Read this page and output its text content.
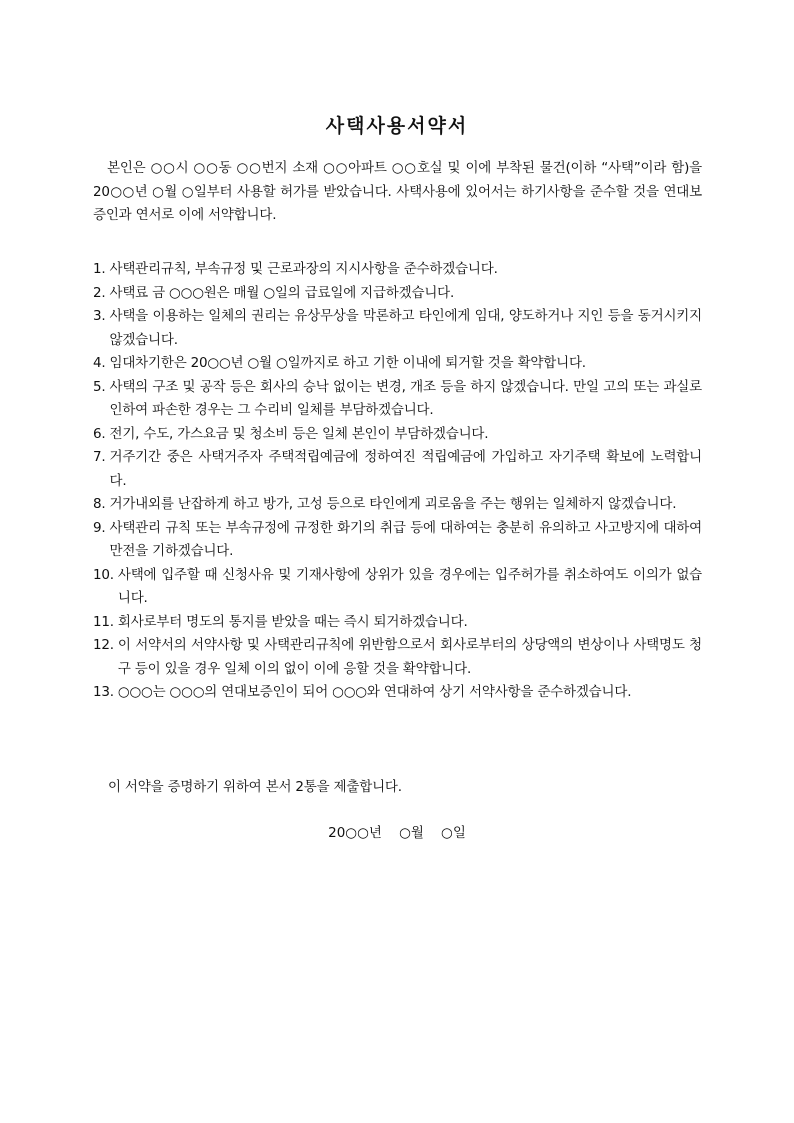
사택사용서약서

본인은 ○○시 ○○동 ○○번지 소재 ○○아파트 ○○호실 및 이에 부착된 물건(이하 “사택”이라 함)을 20○○년 ○월 ○일부터 사용할 허가를 받았습니다. 사택사용에 있어서는 하기사항을 준수할 것을 연대보증인과 연서로 이에 서약합니다.

1. 사택관리규칙, 부속규정 및 근로과장의 지시사항을 준수하겠습니다.
2. 사택료 금 ○○○원은 매월 ○일의 급료일에 지급하겠습니다.
3. 사택을 이용하는 일체의 권리는 유상무상을 막론하고 타인에게 임대, 양도하거나 지인 등을 동거시키지 않겠습니다.
4. 임대차기한은 20○○년 ○월 ○일까지로 하고 기한 이내에 퇴거할 것을 확약합니다.
5. 사택의 구조 및 공작 등은 회사의 승낙 없이는 변경, 개조 등을 하지 않겠습니다. 만일 고의 또는 과실로 인하여 파손한 경우는 그 수리비 일체를 부담하겠습니다.
6. 전기, 수도, 가스요금 및 청소비 등은 일체 본인이 부담하겠습니다.
7. 거주기간 중은 사택거주자 주택적립예금에 정하여진 적립예금에 가입하고 자기주택 확보에 노력합니다.
8. 거가내외를 난잡하게 하고 방가, 고성 등으로 타인에게 괴로움을 주는 행위는 일체하지 않겠습니다.
9. 사택관리 규칙 또는 부속규정에 규정한 화기의 취급 등에 대하여는 충분히 유의하고 사고방지에 대하여 만전을 기하겠습니다.
10. 사택에 입주할 때 신청사유 및 기재사항에 상위가 있을 경우에는 입주허가를 취소하여도 이의가 없습니다.
11. 회사로부터 명도의 통지를 받았을 때는 즉시 퇴거하겠습니다.
12. 이 서약서의 서약사항 및 사택관리규칙에 위반함으로서 회사로부터의 상당액의 변상이나 사택명도 청구 등이 있을 경우 일체 이의 없이 이에 응할 것을 확약합니다.
13. ○○○는 ○○○의 연대보증인이 되어 ○○○와 연대하여 상기 서약사항을 준수하겠습니다.
이 서약을 증명하기 위하여 본서 2통을 제출합니다.
20○○년    ○월    ○일
